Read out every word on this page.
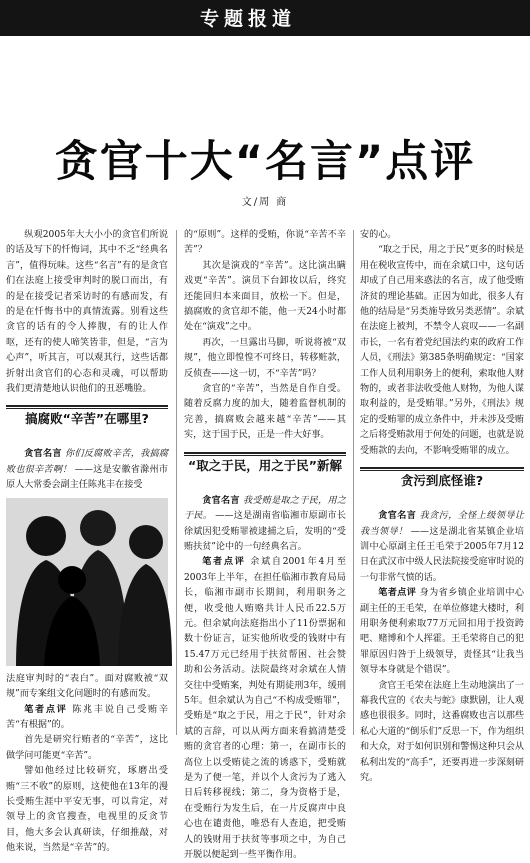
专题报道
贪官十大“名言”点评
文/周 商

纵观2005年大大小小的贪官们所说的话及写下的忏悔词，其中不乏“经典名言”，值得玩味。这些“名言”有的是贪官们在法庭上接受审判时的脱口而出，有的是在接受记者采访时的有感而发，有的是在忏悔书中的真情流露。别看这些贪官的话有的令人捧腹，有的让人作呕，还有的使人啼笑皆非，但是，“言为心声”，听其言，可以观其行，这些话都折射出贪官们的心态和灵魂，可以帮助我们更清楚地认识他们的丑恶嘴脸。

搞腐败“辛苦”在哪里?

贪官名言 你们反腐败辛苦，我搞腐败也很辛苦啊！ ——这是安徽省滁州市原人大常委会副主任陈兆丰在接受

法庭审判时的“表白”。面对腐败被“双规”而专案组文化问题时的有感而发。

笔者点评 陈兆丰说自己受贿辛苦“有根据”的。

首先是研究行贿者的“辛苦”，这比做学问可能更“辛苦”。

譬如他经过比较研究，琢磨出受贿“三不收”的原则，这使他在13年的漫长受贿生涯中平安无事，可以肯定，对领导上的贪官搜查，电视里的反贪节目，他大多会认真研读，仔细推敲，对他来说，当然是“辛苦”的。

的“原则”。这样的受贿，你说“辛苦不辛苦”？

其次是演戏的“辛苦”。这比演出瞒戏更“辛苦”。演员下台卸妆以后，终究还能回归本来面目，放松一下。但是，搞腐败的贪官却不能，他一天24小时都处在“演戏”之中。

再次，一旦露出马脚，听说将被“双规”，他立即惶惶不可终日，转移赃款，反侦查——这一切，不“辛苦”吗？

贪官的“辛苦”，当然是自作自受。随着反腐力度的加大，随着监督机制的完善，搞腐败会越来越“辛苦”——其实，这于国于民，正是一件大好事。

“取之于民，用之于民”新解

贪官名言 我受贿是取之于民，用之于民。 ——这是湖南省临湘市原副市长徐斌因犯受贿罪被逮捕之后，发明的“受贿扶贫”论中的一句经典名言。

笔者点评 余斌自2001年4月至2003年上半年，在担任临湘市教育局局长，临湘市副市长期间，利用职务之便，收受他人贿赂共计人民币22.5万元。但余斌向法庭指出小了11份票据和数十份证言，证实他所收受的钱财中有15.47万元已经用于扶贫帮困、社会赞助和公务活动。法院最终对余斌在人情交往中受贿案，判处有期徒刑3年，缓刑5年。但余斌认为自己“不构成受贿罪”，受贿是“取之于民，用之于民”，针对余斌的言辞，可以从两方面来看搞清楚受贿的贪官者的心理：第一，在副市长的高位上以受贿徒之流的诱惑下，受贿就是为了便一笔，并以个人贪污为了逃入日后转移视线；第二，身为资格于是，在受贿行为发生后，在一片反腐声中良心也在谴责他，唯恐有人查追，把受贿人的钱财用于扶贫等事项之中，为自己开脱以便起到一些平衡作用。

安的心。

“取之于民，用之于民”更多的时候是用在税收宣传中，而在余斌口中，这句话却成了自己用来惑法的名言，成了他受贿济贫的理论基础。正因为如此，很多人有他的结局是“另类施导致另类恶情”。余斌在法庭上被判，不禁令人哀叹——一名副市长，一名有着党纪国法约束的政府工作人员，《刑法》第385条明确规定：“国家工作人员利用职务上的便利，索取他人财物的，或者非法收受他人财物，为他人谋取利益的，是受贿罪。”另外，《刑法》规定的受贿罪的成立条件中，并未涉及受贿之后将受贿款用于何处的问题，也就是说受贿款的去向，不影响受贿罪的成立。

贪污到底怪谁?

贪官名言 我贪污，全怪上级领导让我当领导！ ——这是湖北省某镇企业培训中心原副主任王毛荣于2005年7月12日在武汉市中级人民法院接受庭审时说的一句非常气愤的话。

笔者点评 身为省乡镇企业培训中心副主任的王毛荣，在单位修建大楼时，利用职务便利索取77万元回扣用于投资跨吧、赌博和个人挥霍。王毛荣将自己的犯罪原因归咎于上级领导，责怪其“让我当领导本身就是个错误”。

贪官王毛荣在法庭上生动地演出了一幕我代宣的《农夫与蛇》康默剧，让人观感也很很多。同时，这番腐败也言以那些私心大道的“倒乐们”反思一下，作为组织和大众，对于如何识别和警惕这种只会从私利出发的“高手”，还要再进一步深刻研究。
